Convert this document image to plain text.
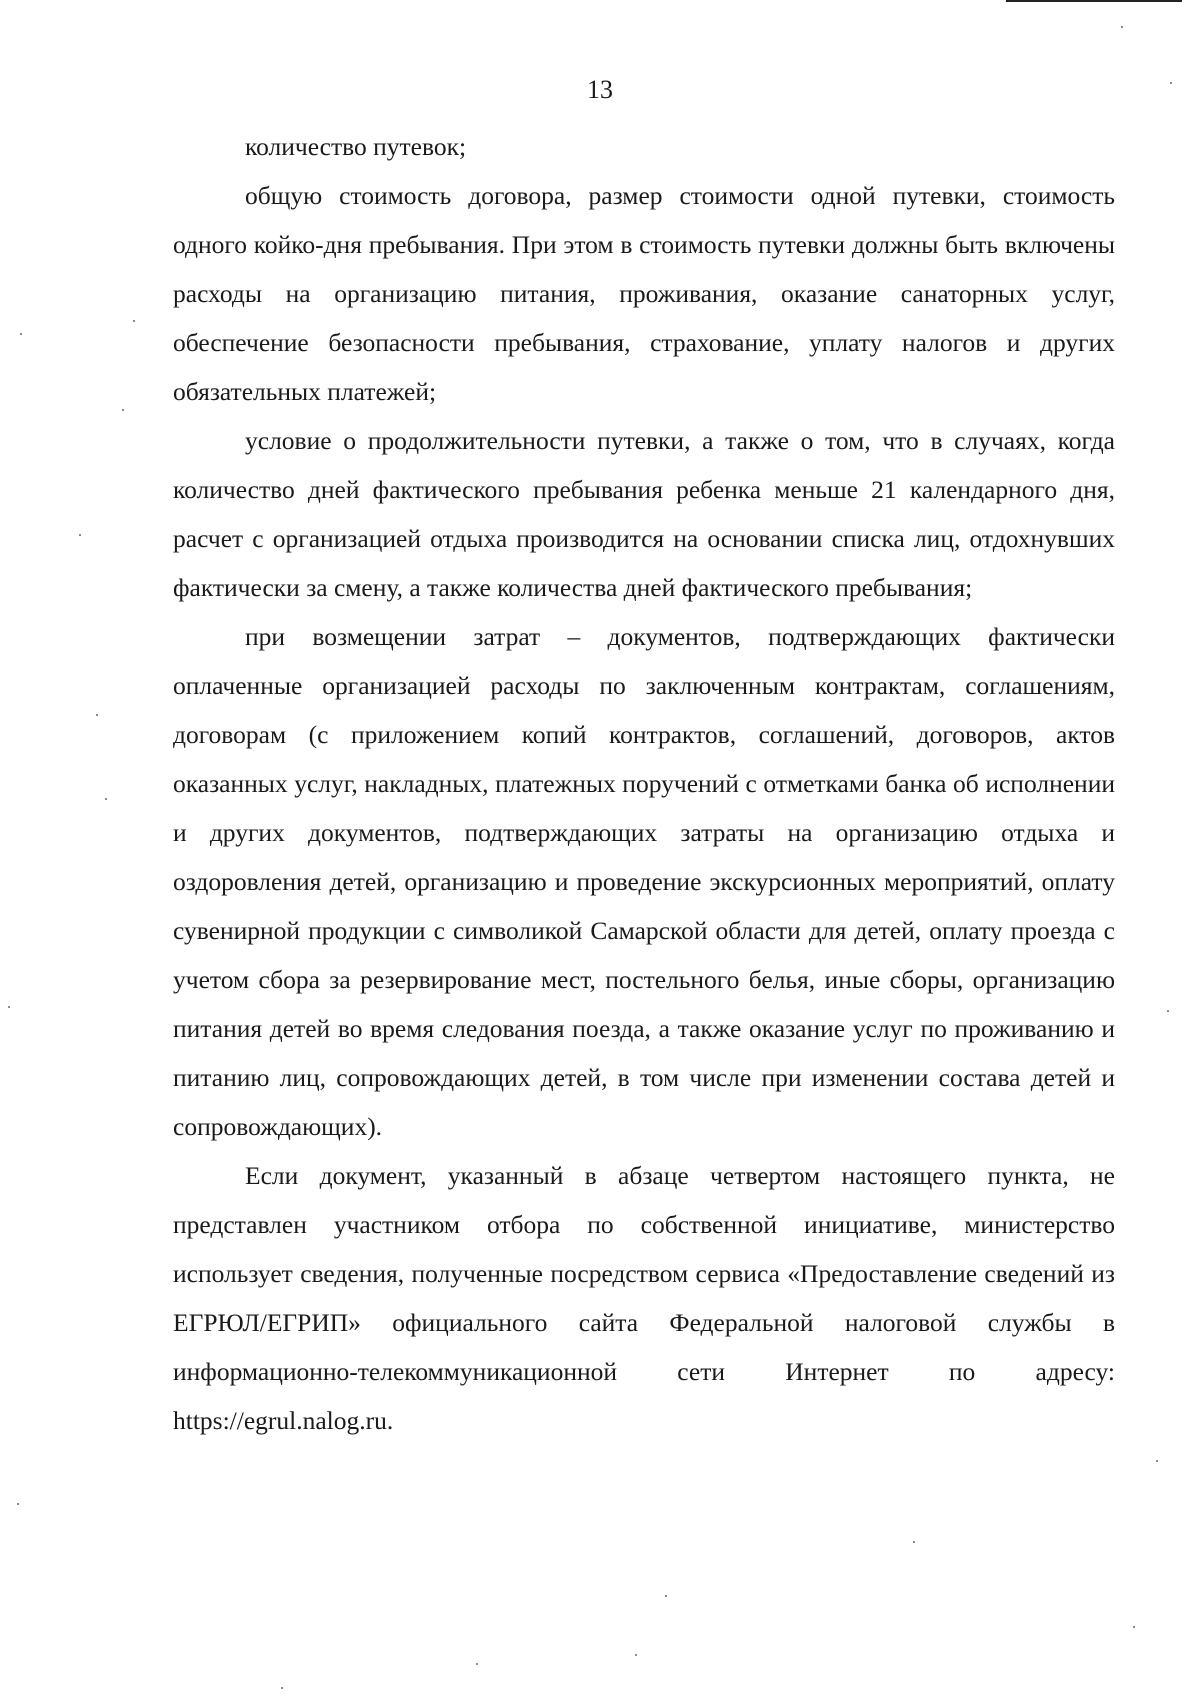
13

количество путевок;

общую стоимость договора, размер стоимости одной путевки, стоимость одного койко-дня пребывания. При этом в стоимость путевки должны быть включены расходы на организацию питания, проживания, оказание санаторных услуг, обеспечение безопасности пребывания, страхование, уплату налогов и других обязательных платежей;

условие о продолжительности путевки, а также о том, что в случаях, когда количество дней фактического пребывания ребенка меньше 21 календарного дня, расчет с организацией отдыха производится на основании списка лиц, отдохнувших фактически за смену, а также количества дней фактического пребывания;

при возмещении затрат – документов, подтверждающих фактически оплаченные организацией расходы по заключенным контрактам, соглашениям, договорам (с приложением копий контрактов, соглашений, договоров, актов оказанных услуг, накладных, платежных поручений с отметками банка об исполнении и других документов, подтверждающих затраты на организацию отдыха и оздоровления детей, организацию и проведение экскурсионных мероприятий, оплату сувенирной продукции с символикой Самарской области для детей, оплату проезда с учетом сбора за резервирование мест, постельного белья, иные сборы, организацию питания детей во время следования поезда, а также оказание услуг по проживанию и питанию лиц, сопровождающих детей, в том числе при изменении состава детей и сопровождающих).

Если документ, указанный в абзаце четвертом настоящего пункта, не представлен участником отбора по собственной инициативе, министерство использует сведения, полученные посредством сервиса «Предоставление сведений из ЕГРЮЛ/ЕГРИП» официального сайта Федеральной налоговой службы в информационно-телекоммуникационной сети Интернет по адресу: https://egrul.nalog.ru.
